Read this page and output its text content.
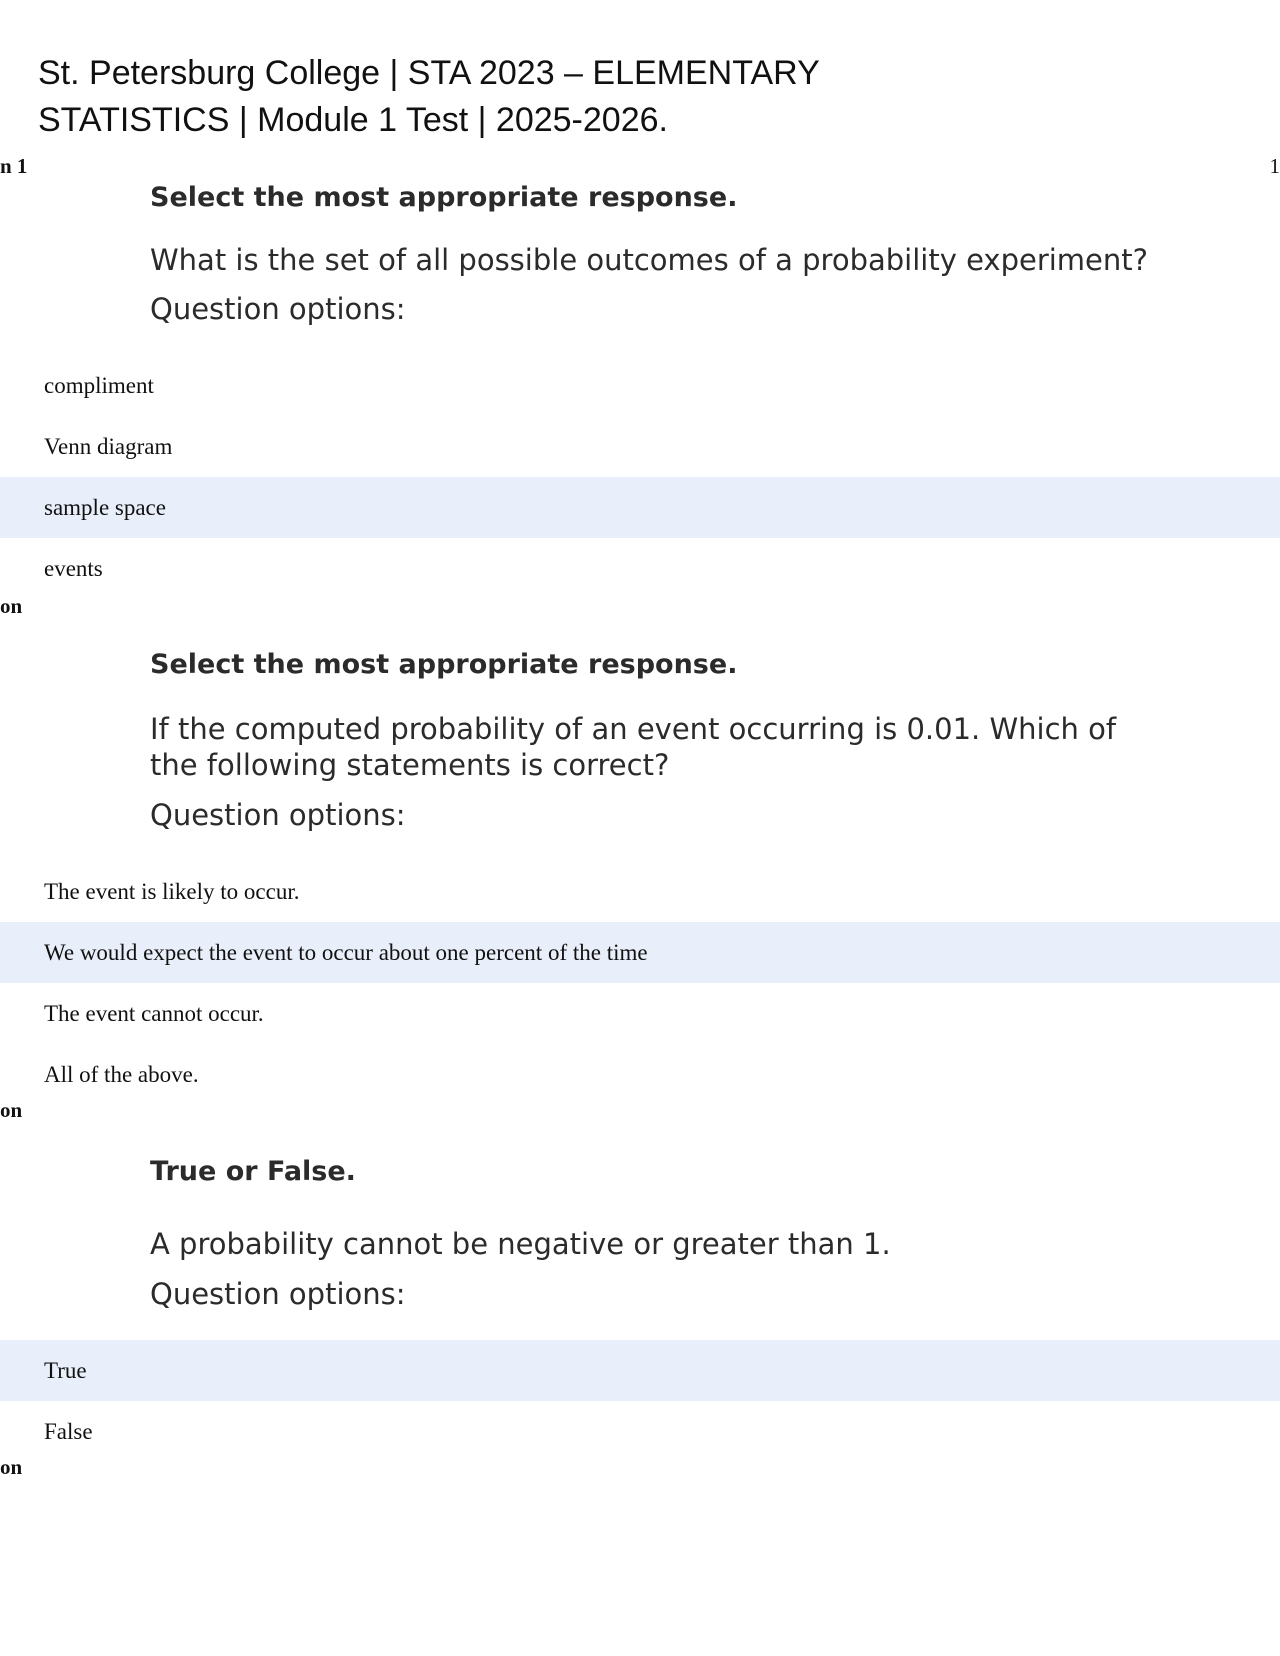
St. Petersburg College | STA 2023 – ELEMENTARY
STATISTICS | Module 1 Test | 2025-2026.
1
n 1

Select the most appropriate response.

What is the set of all possible outcomes of a probability experiment?

Question options:

compliment
Venn diagram
sample space
events
on

Select the most appropriate response.

If the computed probability of an event occurring is 0.01. Which of the following statements is correct?

Question options:

The event is likely to occur.
We would expect the event to occur about one percent of the time
The event cannot occur.
All of the above.
on

True or False.

A probability cannot be negative or greater than 1.

Question options:

True
False
on
